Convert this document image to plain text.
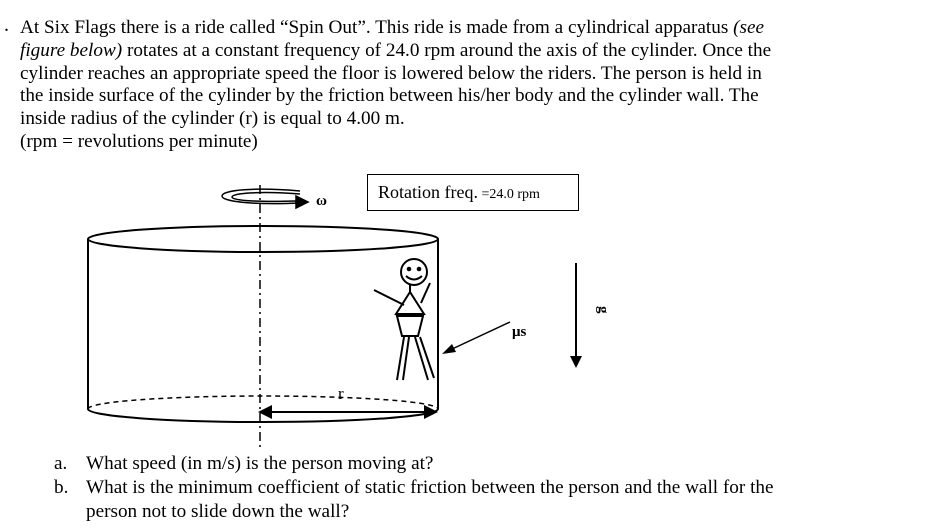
. At Six Flags there is a ride called “Spin Out”. This ride is made from a cylindrical apparatus (see
figure below) rotates at a constant frequency of 24.0 rpm around the axis of the cylinder. Once the
cylinder reaches an appropriate speed the floor is lowered below the riders. The person is held in
the inside surface of the cylinder by the friction between his/her body and the cylinder wall. The
inside radius of the cylinder (r) is equal to 4.00 m.
(rpm = revolutions per minute)
ω
r
μs
g
Rotation freq. =24.0 rpm
a. What speed (in m/s) is the person moving at?
b. What is the minimum coefficient of static friction between the person and the wall for the
person not to slide down the wall?
